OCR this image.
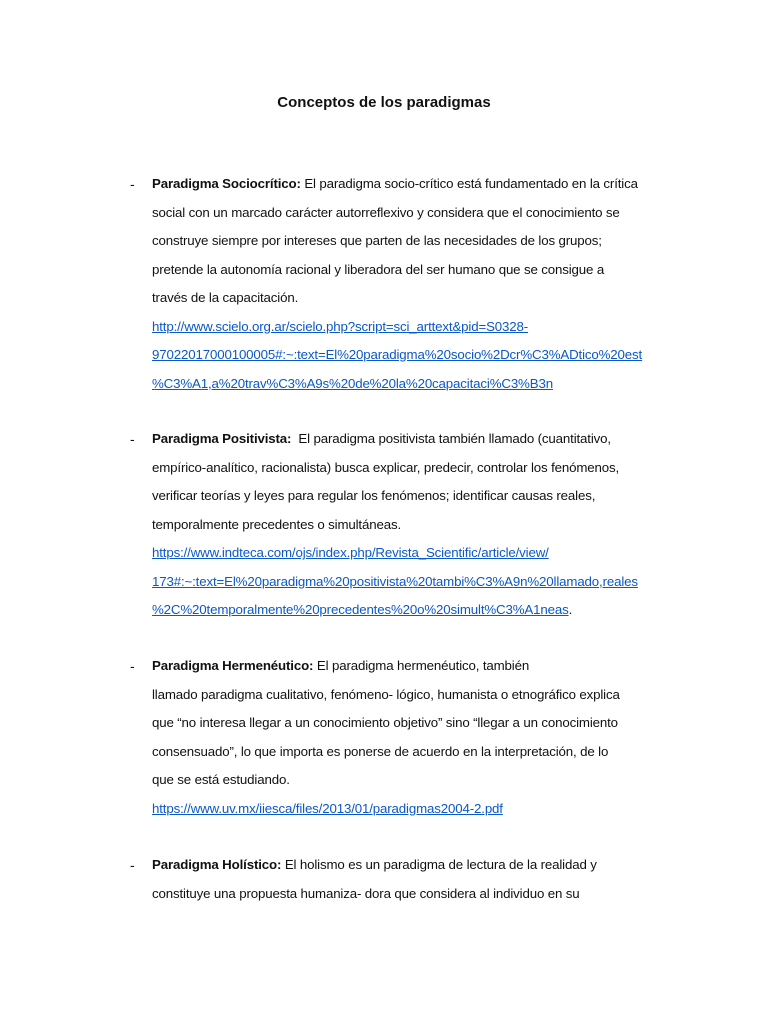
Conceptos de los paradigmas
-	Paradigma Sociocrítico: El paradigma socio-crítico está fundamentado en la crítica
social con un marcado carácter autorreflexivo y considera que el conocimiento se
construye siempre por intereses que parten de las necesidades de los grupos;
pretende la autonomía racional y liberadora del ser humano que se consigue a
través de la capacitación.
http://www.scielo.org.ar/scielo.php?script=sci_arttext&pid=S0328-
97022017000100005#:~:text=El%20paradigma%20socio%2Dcr%C3%ADtico%20est
%C3%A1,a%20trav%C3%A9s%20de%20la%20capacitaci%C3%B3n
-	Paradigma Positivista: El paradigma positivista también llamado (cuantitativo,
empírico-analítico, racionalista) busca explicar, predecir, controlar los fenómenos,
verificar teorías y leyes para regular los fenómenos; identificar causas reales,
temporalmente precedentes o simultáneas.
https://www.indteca.com/ojs/index.php/Revista_Scientific/article/view/
173#:~:text=El%20paradigma%20positivista%20tambi%C3%A9n%20llamado,reales
%2C%20temporalmente%20precedentes%20o%20simult%C3%A1neas.
-	Paradigma Hermenéutico: El paradigma hermenéutico, también
llamado paradigma cualitativo, fenómeno- lógico, humanista o etnográfico explica
que “no interesa llegar a un conocimiento objetivo” sino “llegar a un conocimiento
consensuado”, lo que importa es ponerse de acuerdo en la interpretación, de lo
que se está estudiando.
https://www.uv.mx/iiesca/files/2013/01/paradigmas2004-2.pdf
-	Paradigma Holístico: El holismo es un paradigma de lectura de la realidad y
constituye una propuesta humaniza- dora que considera al individuo en su
